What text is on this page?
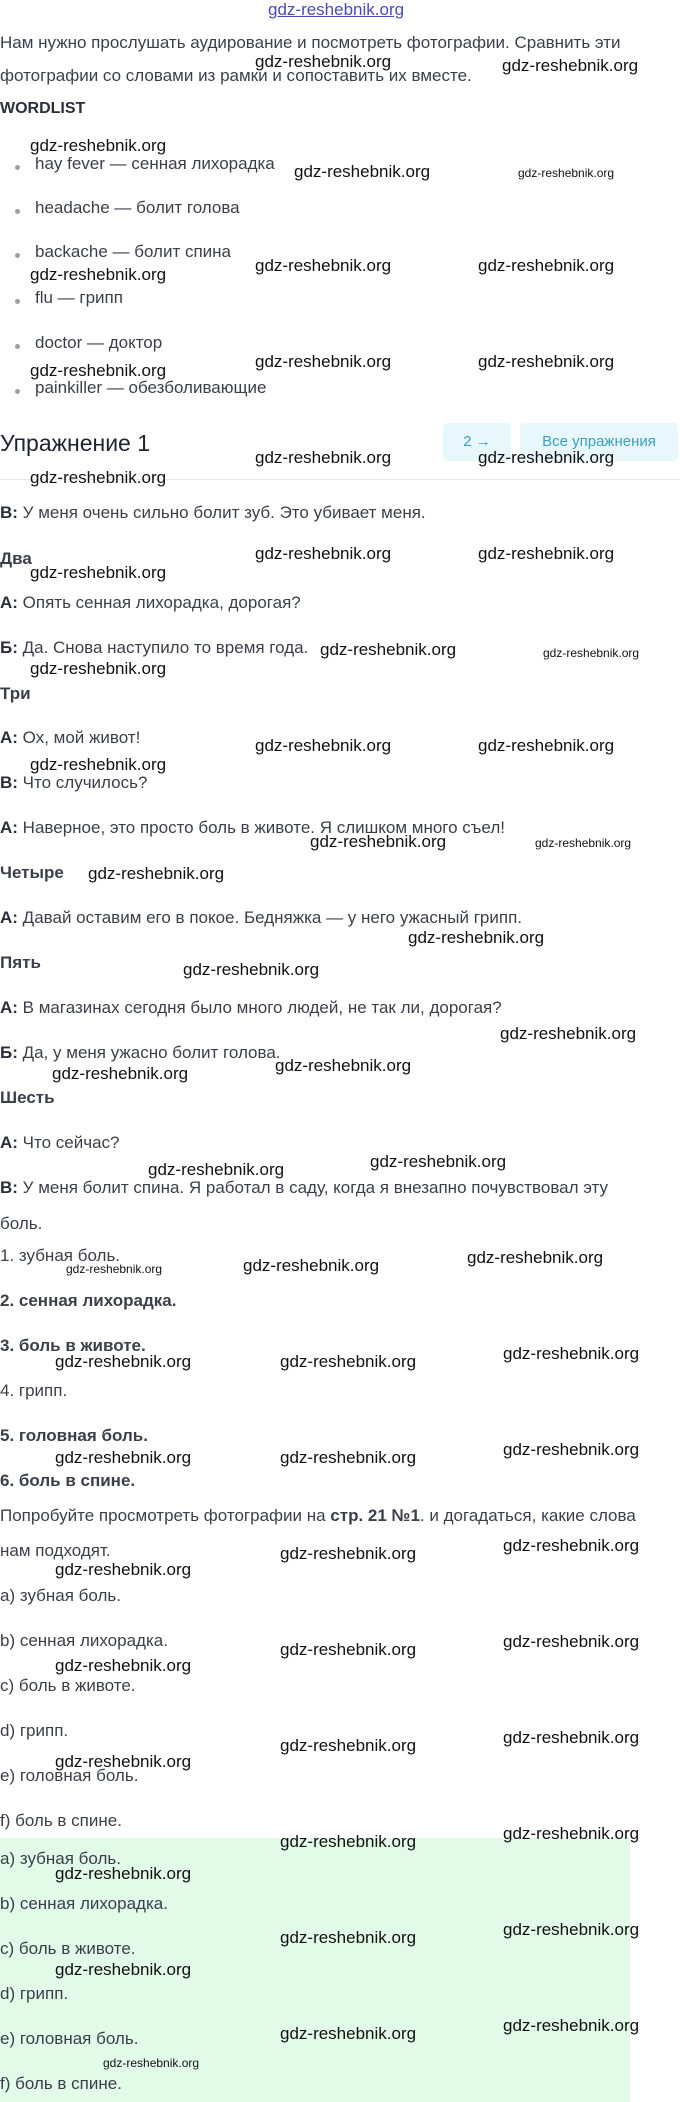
gdz-reshebnik.org
Нам нужно прослушать аудирование и посмотреть фотографии. Сравнить эти
фотографии со словами из рамки и сопоставить их вместе.
WORDLIST
hay fever — сенная лихорадка
headache — болит голова
backache — болит спина
flu — грипп
doctor — доктор
painkiller — обезболивающие
Упражнение 1	2 →	Все упражнения
B: У меня очень сильно болит зуб. Это убивает меня.
Два
A: Опять сенная лихорадка, дорогая?
Б: Да. Снова наступило то время года.
Три
A: Ох, мой живот!
B: Что случилось?
A: Наверное, это просто боль в животе. Я слишком много съел!
Четыре
A: Давай оставим его в покое. Бедняжка — у него ужасный грипп.
Пять
A: В магазинах сегодня было много людей, не так ли, дорогая?
Б: Да, у меня ужасно болит голова.
Шесть
A: Что сейчас?
B: У меня болит спина. Я работал в саду, когда я внезапно почувствовал эту
боль.
1. зубная боль.
2. сенная лихорадка.
3. боль в животе.
4. грипп.
5. головная боль.
6. боль в спине.
Попробуйте просмотреть фотографии на стр. 21 №1. и догадаться, какие слова
нам подходят.
a) зубная боль.
b) сенная лихорадка.
c) боль в животе.
d) грипп.
e) головная боль.
f) боль в спине.
a) зубная боль.
b) сенная лихорадка.
c) боль в животе.
d) грипп.
e) головная боль.
f) боль в спине.
gdz-reshebnik.org	gdz-reshebnik.org
gdz-reshebnik.org
gdz-reshebnik.org	gdz-reshebnik.org
gdz-reshebnik.org	gdz-reshebnik.org
gdz-reshebnik.org
gdz-reshebnik.org	gdz-reshebnik.org
gdz-reshebnik.org
gdz-reshebnik.org	gdz-reshebnik.org
gdz-reshebnik.org
gdz-reshebnik.org	gdz-reshebnik.org
gdz-reshebnik.org
gdz-reshebnik.org	gdz-reshebnik.org
gdz-reshebnik.org
gdz-reshebnik.org	gdz-reshebnik.org
gdz-reshebnik.org
gdz-reshebnik.org	gdz-reshebnik.org
gdz-reshebnik.org
gdz-reshebnik.org
gdz-reshebnik.org
gdz-reshebnik.org
gdz-reshebnik.org
gdz-reshebnik.org
gdz-reshebnik.org
gdz-reshebnik.org
gdz-reshebnik.org
gdz-reshebnik.org
gdz-reshebnik.org
gdz-reshebnik.org
gdz-reshebnik.org	gdz-reshebnik.org
gdz-reshebnik.org
gdz-reshebnik.org	gdz-reshebnik.org
gdz-reshebnik.org
gdz-reshebnik.org
gdz-reshebnik.org
gdz-reshebnik.org
gdz-reshebnik.org
gdz-reshebnik.org
gdz-reshebnik.org
gdz-reshebnik.org
gdz-reshebnik.org
gdz-reshebnik.org
gdz-reshebnik.org
gdz-reshebnik.org
gdz-reshebnik.org
gdz-reshebnik.org
gdz-reshebnik.org
gdz-reshebnik.org
gdz-reshebnik.org
gdz-reshebnik.org
